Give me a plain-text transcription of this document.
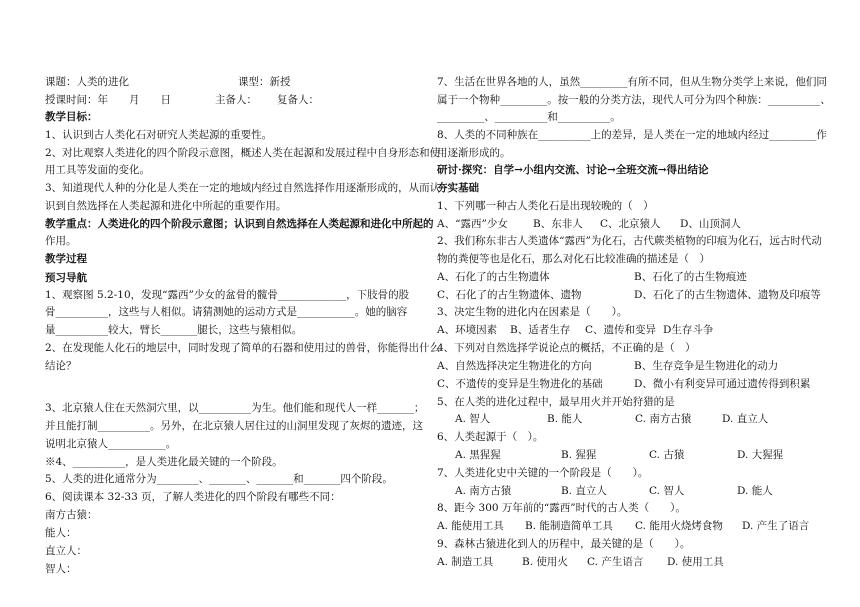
课题：人类的进化	课型：新授
授课时间：年　　月　　日	主备人： 复备人：
教学目标：
1、认识到古人类化石对研究人类起源的重要性。
2、对比观察人类进化的四个阶段示意图，概述人类在起源和发展过程中自身形态和使
用工具等发面的变化。
3、知道现代人种的分化是人类在一定的地域内经过自然选择作用逐渐形成的，从而认
识到自然选择在人类起源和进化中所起的重要作用。
教学重点：人类进化的四个阶段示意图；认识到自然选择在人类起源和进化中所起的
作用。
教学过程
预习导航
1、观察图 5.2-10，发现“露西”少女的盆骨的髋骨_____________，下肢骨的股
骨__________，这些与人相似。请猜测她的运动方式是___________。她的脑容
量__________较大，臂长_______腿长，这些与猿相似。
2、在发现能人化石的地层中，同时发现了简单的石器和使用过的兽骨，你能得出什么
结论？
3、北京猿人住在天然洞穴里，以__________为生。他们能和现代人一样_______；
并且能打制__________。另外，在北京猿人居住过的山洞里发现了灰烬的遗迹，这
说明北京猿人___________。
※4、__________，是人类进化最关键的一个阶段。
5、人类的进化通常分为________、_______、_______和_______四个阶段。
6、阅读课本 32-33 页，了解人类进化的四个阶段有哪些不同：
南方古猿：
能人：
直立人：
智人：
7、生活在世界各地的人，虽然_________有所不同，但从生物分类学上来说，他们同
属于一个物种_________。按一般的分类方法，现代人可分为四个种族：__________、
_________、__________和__________。
8、人类的不同种族在__________上的差异，是人类在一定的地域内经过_________作
用逐渐形成的。
研讨·探究：自学→小组内交流、讨论→全班交流→得出结论
夯实基础
1、下列哪一种古人类化石是出现较晚的（　）
A、“露西”少女 B、东非人 C、北京猿人 D、山顶洞人
2、我们称东非古人类遗体“露西”为化石，古代蕨类植物的印痕为化石，远古时代动
物的粪便等也是化石，那么对化石比较准确的描述是（　）
A、石化了的古生物遗体	B、石化了的古生物痕迹
C、石化了的古生物遗体、遗物	D、石化了的古生物遗体、遗物及印痕等
3、决定生物的进化内在因素是（　　）。
A、环境因素 B、适者生存 C、遗传和变异 D生存斗争
4、下列对自然选择学说论点的概括，不正确的是（　）
A、自然选择决定生物进化的方向	B、生存竞争是生物进化的动力
C、不遗传的变异是生物进化的基础	D、微小有利变异可通过遗传得到积累
5、在人类的进化过程中，最早用火并开始狩猎的是
A. 智人	B. 能人	C. 南方古猿	D. 直立人
6、人类起源于（　）。
A. 黑猩猩	B. 猩猩	C. 古猿	D. 大猩猩
7、人类进化史中关键的一个阶段是（　　）。
A. 南方古猿	B. 直立人	C. 智人	D. 能人
8、距今 300 万年前的“露西”时代的古人类（　　）。
A. 能使用工具 B. 能制造简单工具 C. 能用火烧烤食物 D. 产生了语言
9、森林古猿进化到人的历程中，最关键的是（　　）。
A. 制造工具	B. 使用火 C. 产生语言 D. 使用工具
